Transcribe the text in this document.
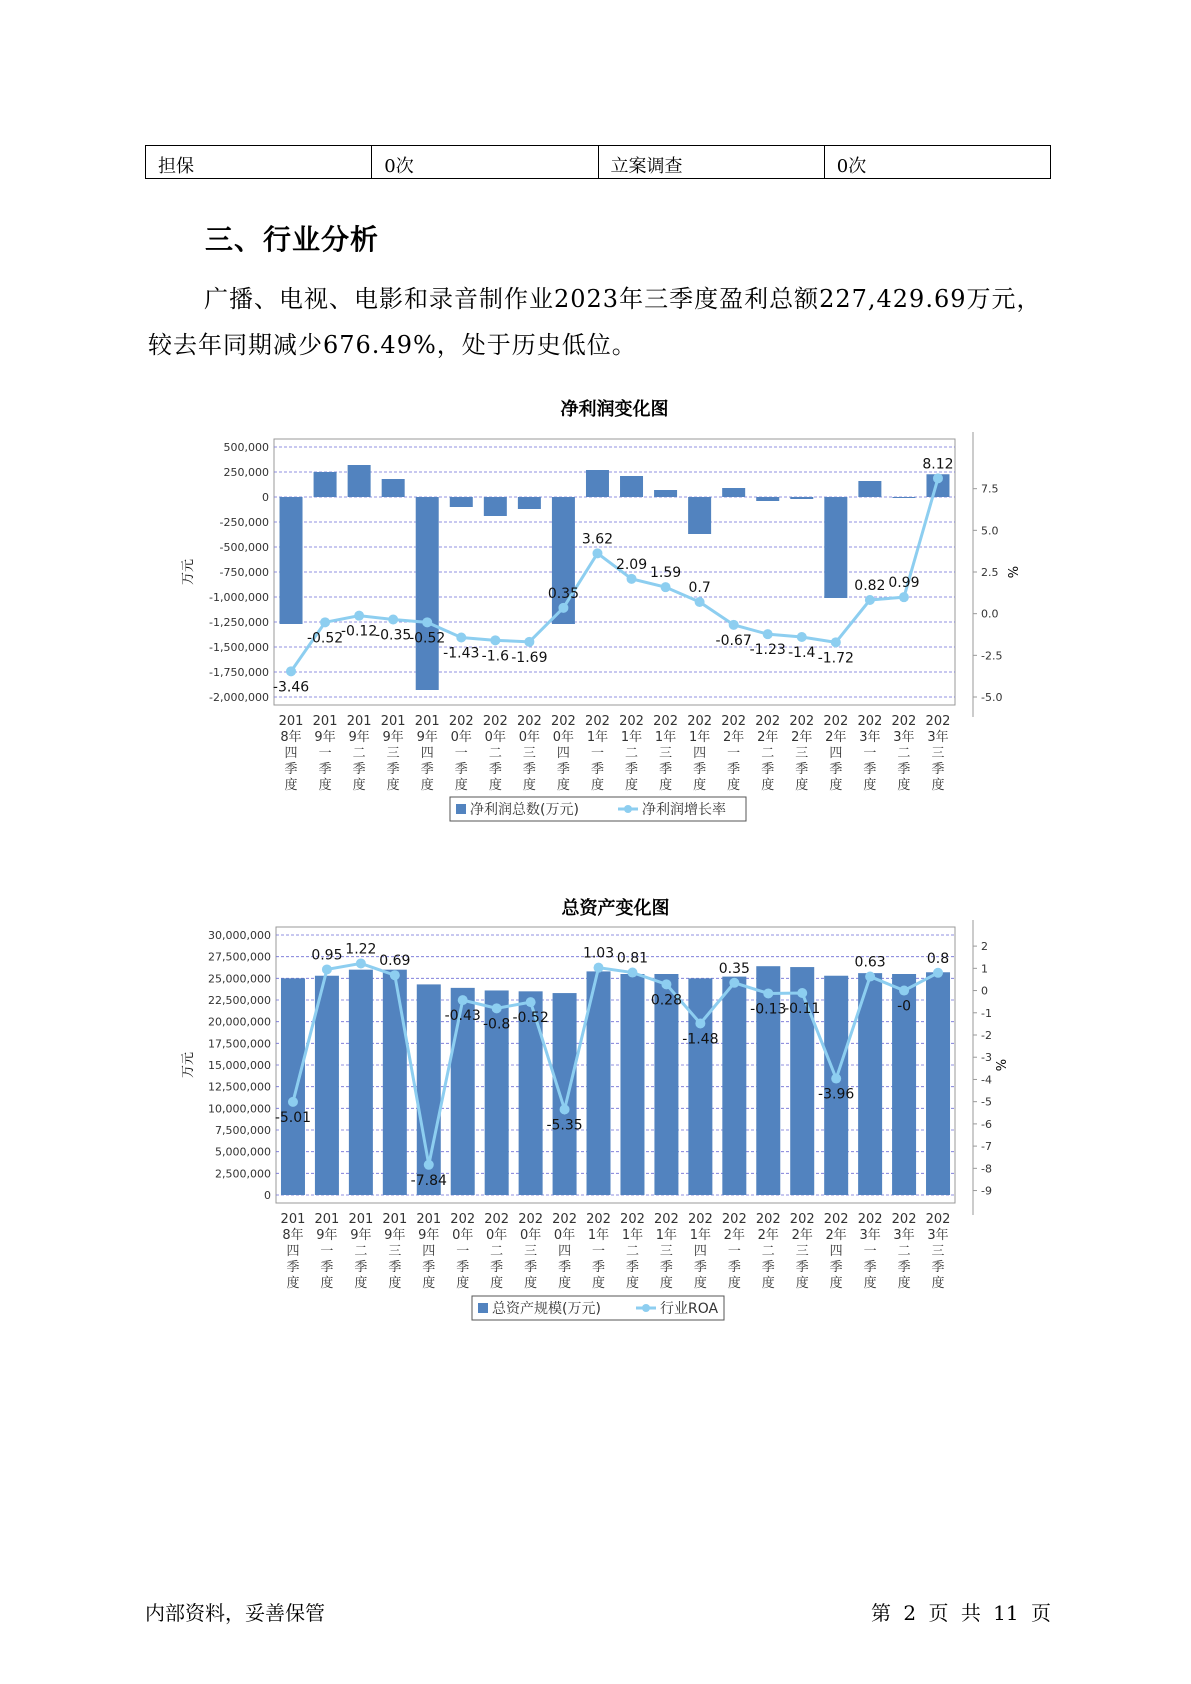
担保	0次	立案调查	0次
三、行业分析

广播、电视、电影和录音制作业2023年三季度盈利总额227,429.69万元，较去年同期减少676.49%，处于历史低位。

净利润变化图
500,000
250,000
0
-250,000
-500,000
-750,000
-1,000,000
-1,250,000
-1,500,000
-1,750,000
-2,000,000
7.5
5.0
2.5
0.0
-2.5
-5.0
万元	%
-3.46
-0.52
-0.12
-0.35
-0.52
-1.43 -1.6 -1.69
0.35
3.62
2.09
1.59
0.7
-0.67
-1.23 -1.4 -1.72
0.82 0.99
8.12
201
8年
四
季
度
201
9年
一
季
度
201
9年
二
季
度
201
9年
三
季
度
201
9年
四
季
度
202
0年
一
季
度
202
0年
二
季
度
202
0年
三
季
度
202
0年
四
季
度
202
1年
一
季
度
202
1年
二
季
度
202
1年
三
季
度
202
1年
四
季
度
202
2年
一
季
度
202
2年
二
季
度
202
2年
三
季
度
202
2年
四
季
度
202
3年
一
季
度
202
3年
二
季
度
202
3年
三
季
度
净利润总数(万元)	净利润增长率
总资产变化图
30,000,000
27,500,000
25,000,000
22,500,000
20,000,000
17,500,000
15,000,000
12,500,000
10,000,000
7,500,000
5,000,000
2,500,000
0
2
1
0
-1
-2
-3
-4
-5
-6
-7
-8
-9
万元	%
-5.01
0.95 1.22
0.69
-7.84
-0.43
-0.8 -0.52
-5.35
1.03 0.81
0.28
-1.48
0.35
-0.13
-0.11
-3.96
0.63
-0
0.8
201
8年
四
季
度
201
9年
一
季
度
201
9年
二
季
度
201
9年
三
季
度
201
9年
四
季
度
202
0年
一
季
度
202
0年
二
季
度
202
0年
三
季
度
202
0年
四
季
度
202
1年
一
季
度
202
1年
二
季
度
202
1年
三
季
度
202
1年
四
季
度
202
2年
一
季
度
202
2年
二
季
度
202
2年
三
季
度
202
2年
四
季
度
202
3年
一
季
度
202
3年
二
季
度
202
3年
三
季
度
总资产规模(万元)	行业ROA
内部资料，妥善保管	第 2 页 共 11 页
